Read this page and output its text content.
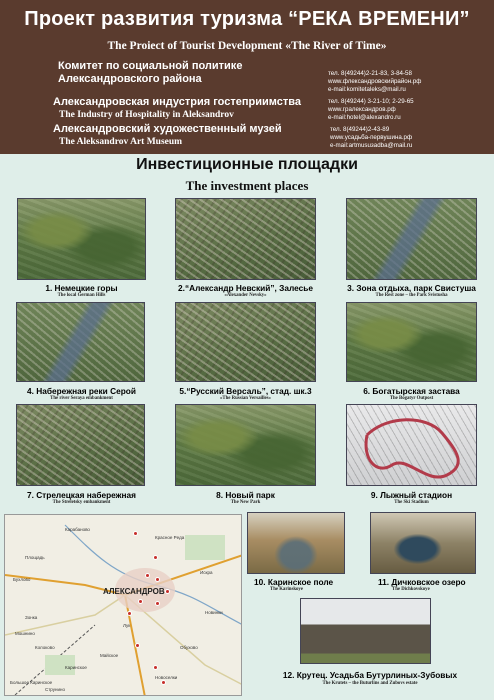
Проект развития туризма “РЕКА ВРЕМЕНИ”
The Proiect of Tourist Development «The River of Time»
Комитет по социальной политике
Александровского района	тел. 8(49244)2-21-83, 3-84-58
www.флександровскийрайон.рф
e-mail:komitetaleks@mail.ru
Александровская индустрия гостеприимства
The Industry of Hospitality in Aleksandrov
тел. 8(49244) 3-21-10; 2-29-65
www.гралександров.рф
e-mail:hotel@alexandro.ru
Александровский художественный музей
The Aleksandrov Art Museum
тел. 8(49244)2-43-89
www.усадьба-первушина.рф
e-mail:artmusuзadba@mail.ru
Инвестиционные площадки
The investment places
1. Немецкие горы
The local German Hills
2.“Александр Невский”, Залесье
«Alexander Nevsky»
3. Зона отдыха, парк Свистуша
The Rest zone – the Park Svistusha
4. Набережная реки Серой
The river Seraya embankment
5.“Русский Версаль”, стад. шк.3
«The Russian Versailles»
6. Богатырская застава
The Bogatyr Outpost
7. Стрелецкая набережная
The Streletsky embankment
8. Новый парк
The New Park
9. Лыжный стадион
The Ski Stadium
АЛЕКСАНДРОВ
Карабаново
Краснoе Рeдa
Площадь
Искра
Бухлoвo
Новинки
Зoнка
Мошнино
Колоково	Обухово
Каринское
Новоселки
Большое Каринское
Струнино
Лук
Майское
10. Каринское поле
The Karinskoye
11. Дичковское озеро
The Dichkovskoye
12. Крутец. Усадьба Бутурлиных-Зубовых
The Krutets – the Buturlins and Zubovs estate
